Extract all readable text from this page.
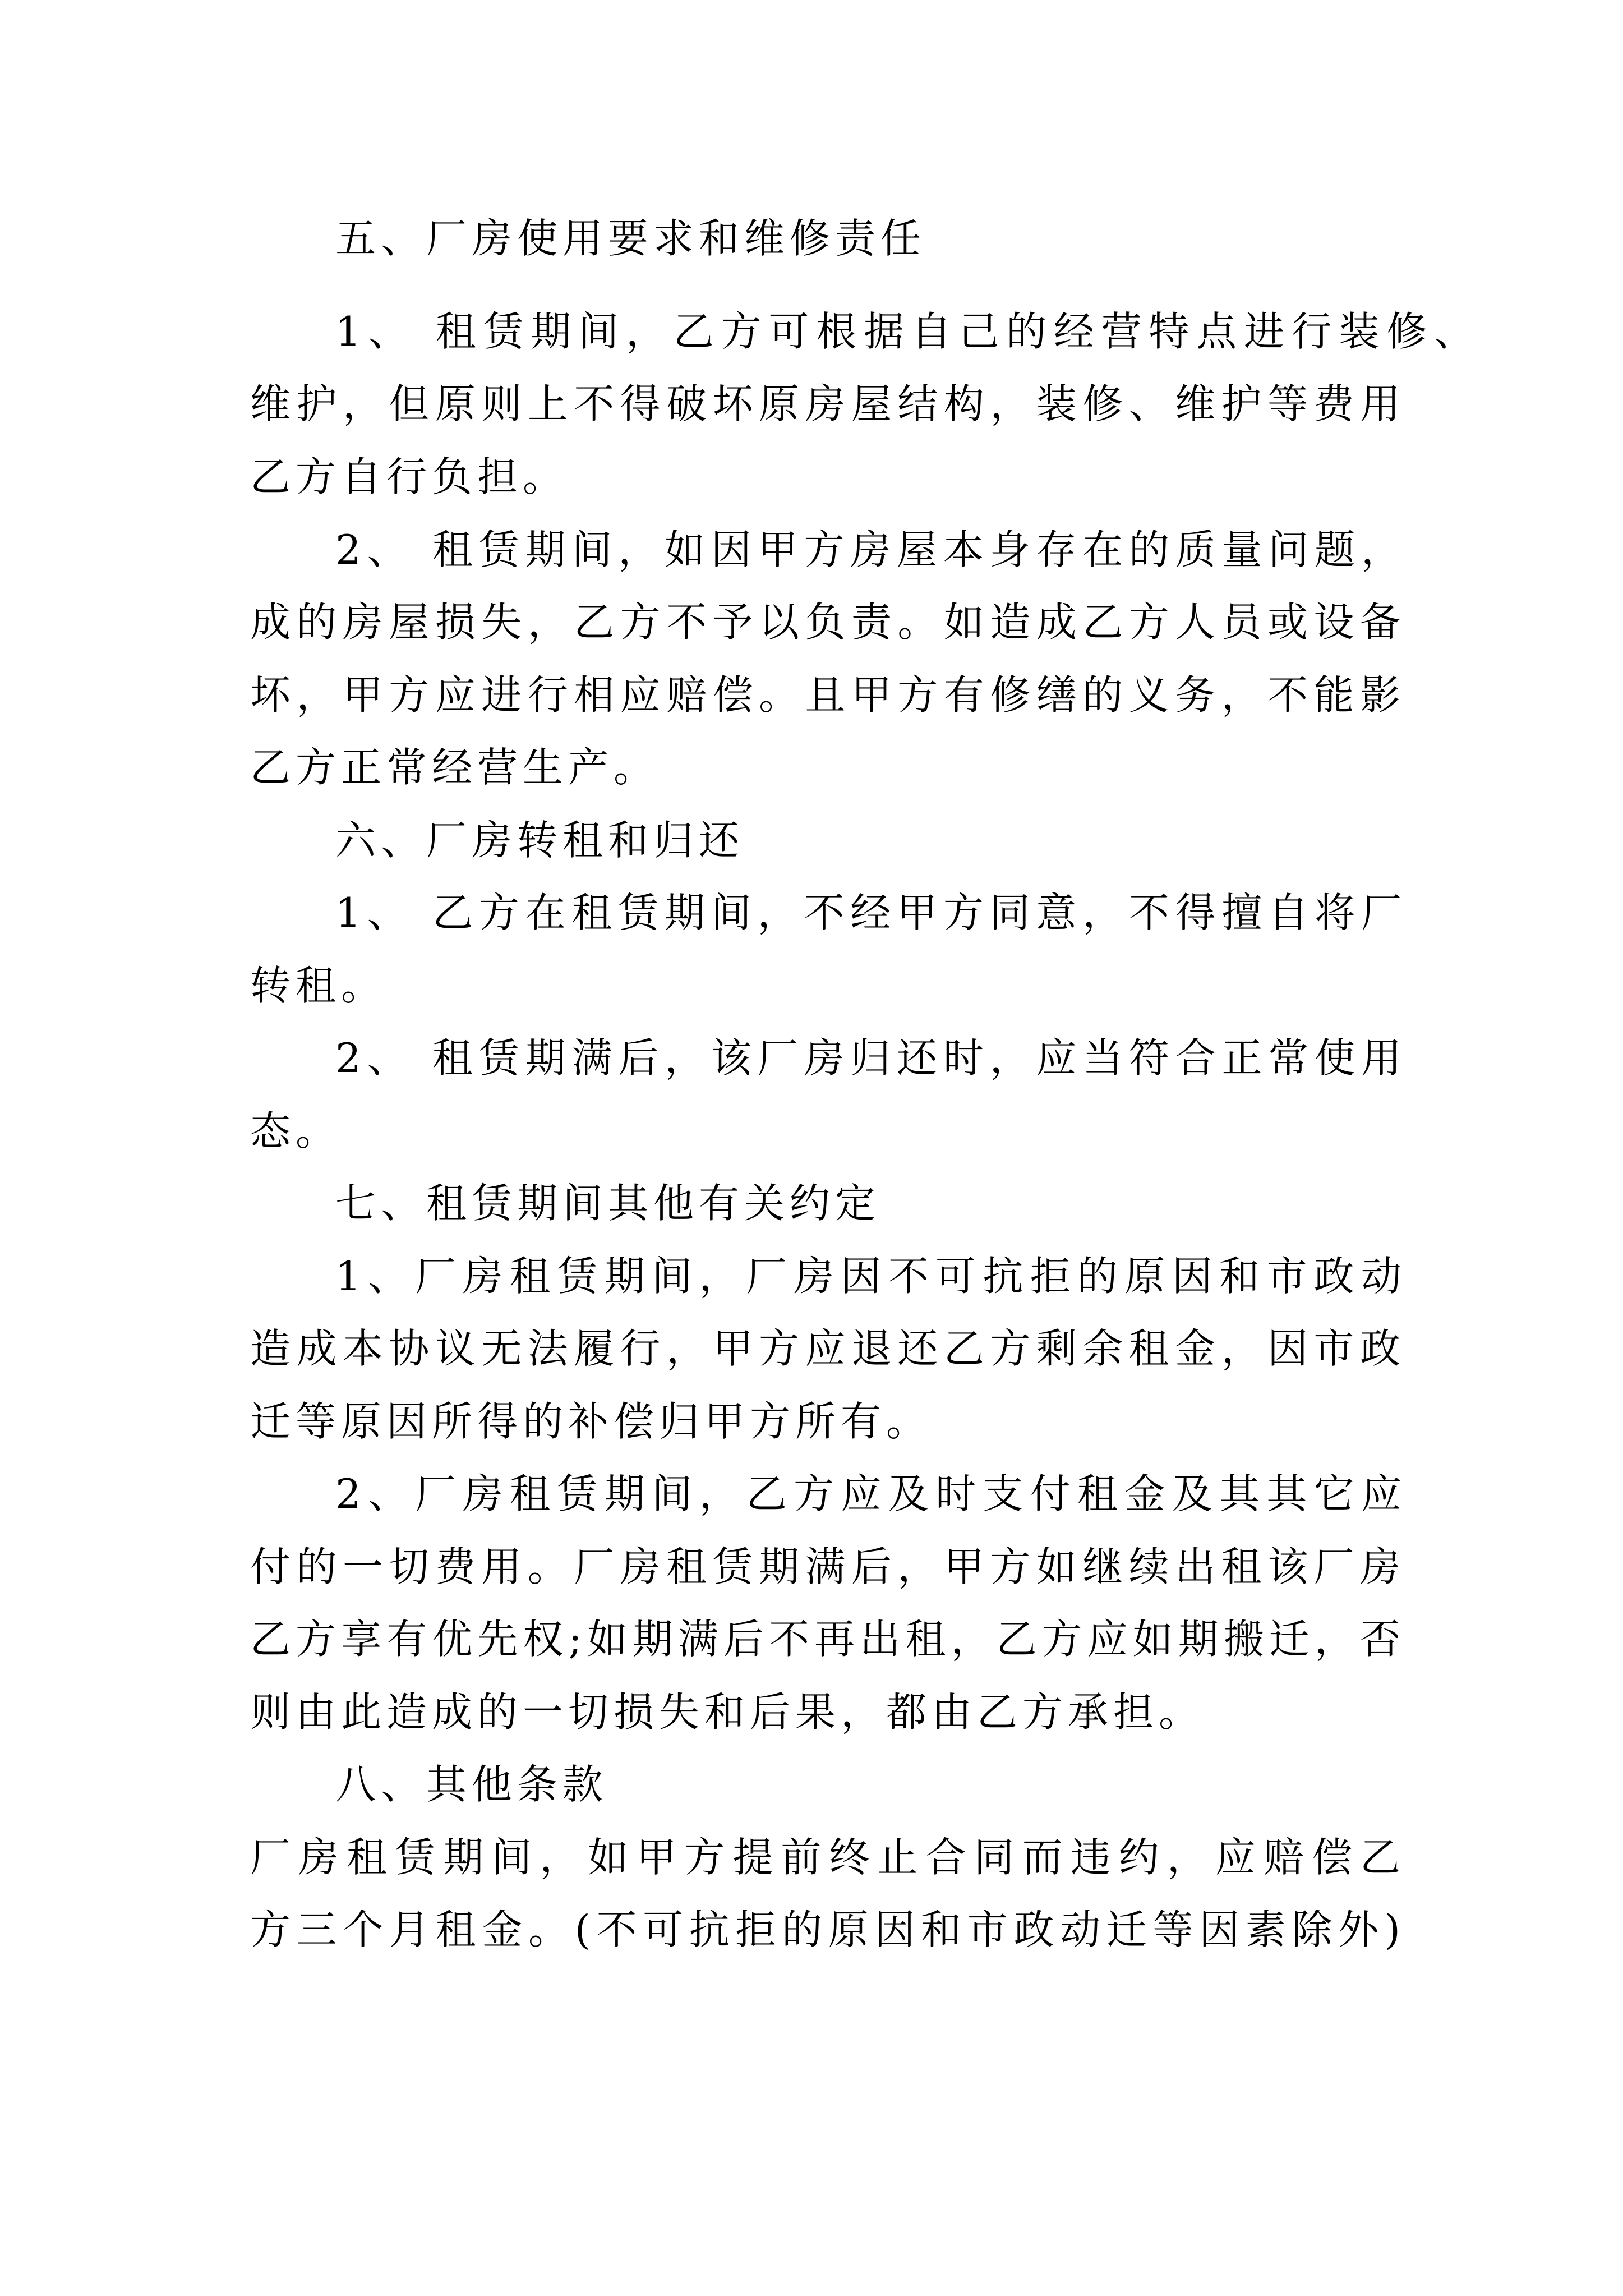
五、厂房使用要求和维修责任
1、 租赁期间，乙方可根据自己的经营特点进行装修、
维护，但原则上不得破坏原房屋结构，装修、维护等费用
乙方自行负担。
2、 租赁期间，如因甲方房屋本身存在的质量问题，
成的房屋损失，乙方不予以负责。如造成乙方人员或设备
坏，甲方应进行相应赔偿。且甲方有修缮的义务，不能影
乙方正常经营生产。
六、厂房转租和归还
1、 乙方在租赁期间，不经甲方同意，不得擅自将厂
转租。
2、 租赁期满后，该厂房归还时，应当符合正常使用
态。
七、租赁期间其他有关约定
1、厂房租赁期间，厂房因不可抗拒的原因和市政动
造成本协议无法履行，甲方应退还乙方剩余租金，因市政
迁等原因所得的补偿归甲方所有。
2、厂房租赁期间，乙方应及时支付租金及其其它应
付的一切费用。厂房租赁期满后，甲方如继续出租该厂房
乙方享有优先权;如期满后不再出租，乙方应如期搬迁，否
则由此造成的一切损失和后果，都由乙方承担。
八、其他条款
厂房租赁期间，如甲方提前终止合同而违约，应赔偿乙
方三个月租金。(不可抗拒的原因和市政动迁等因素除外)
